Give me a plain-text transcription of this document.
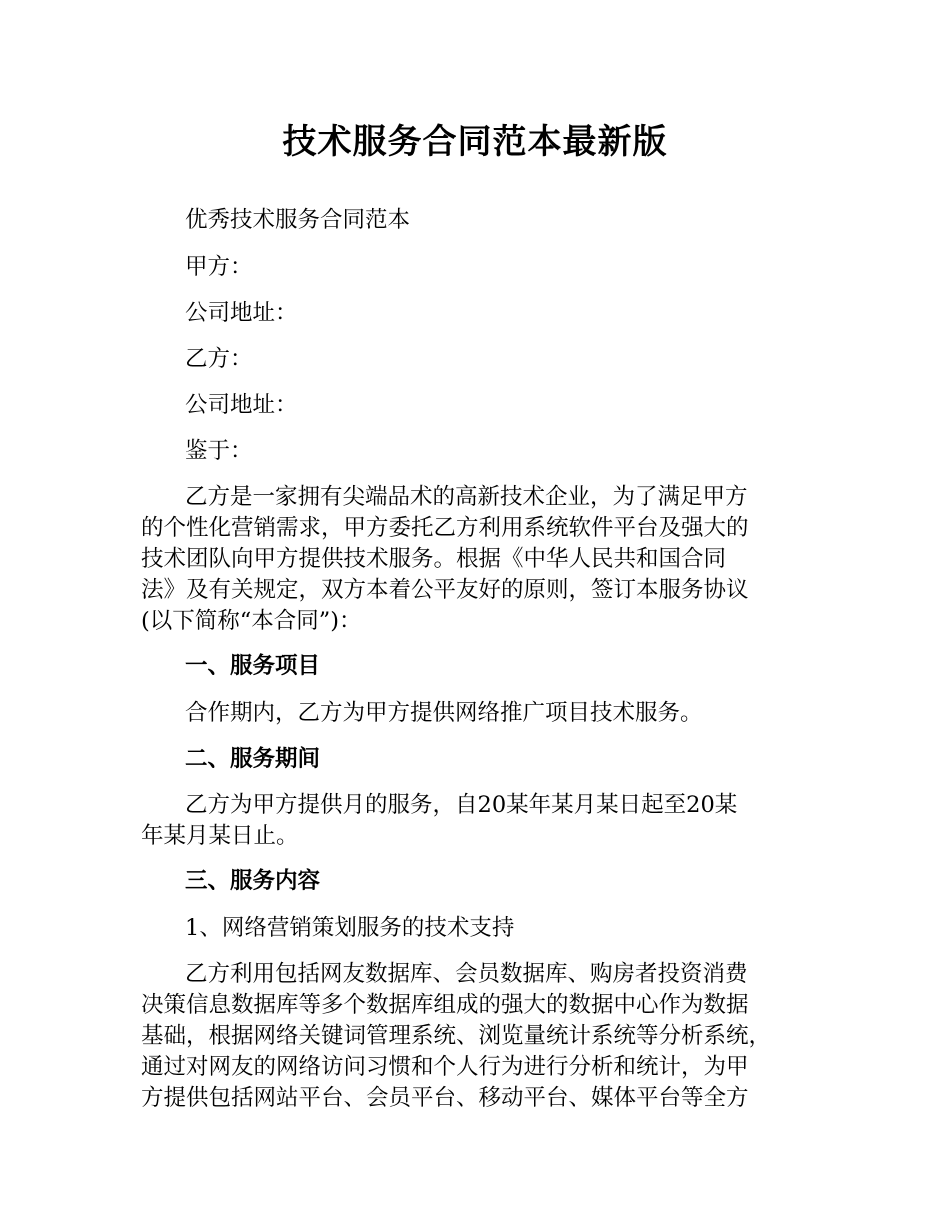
技术服务合同范本最新版
优秀技术服务合同范本
甲方：
公司地址：
乙方：
公司地址：
鉴于：
乙方是一家拥有尖端品术的高新技术企业，为了满足甲方
的个性化营销需求，甲方委托乙方利用系统软件平台及强大的
技术团队向甲方提供技术服务。根据《中华人民共和国合同
法》及有关规定，双方本着公平友好的原则，签订本服务协议
(以下简称“本合同”)：
一、服务项目
合作期内，乙方为甲方提供网络推广项目技术服务。
二、服务期间
乙方为甲方提供月的服务，自20某年某月某日起至20某
年某月某日止。
三、服务内容
1、网络营销策划服务的技术支持
乙方利用包括网友数据库、会员数据库、购房者投资消费
决策信息数据库等多个数据库组成的强大的数据中心作为数据
基础，根据网络关键词管理系统、浏览量统计系统等分析系统，
通过对网友的网络访问习惯和个人行为进行分析和统计，为甲
方提供包括网站平台、会员平台、移动平台、媒体平台等全方
